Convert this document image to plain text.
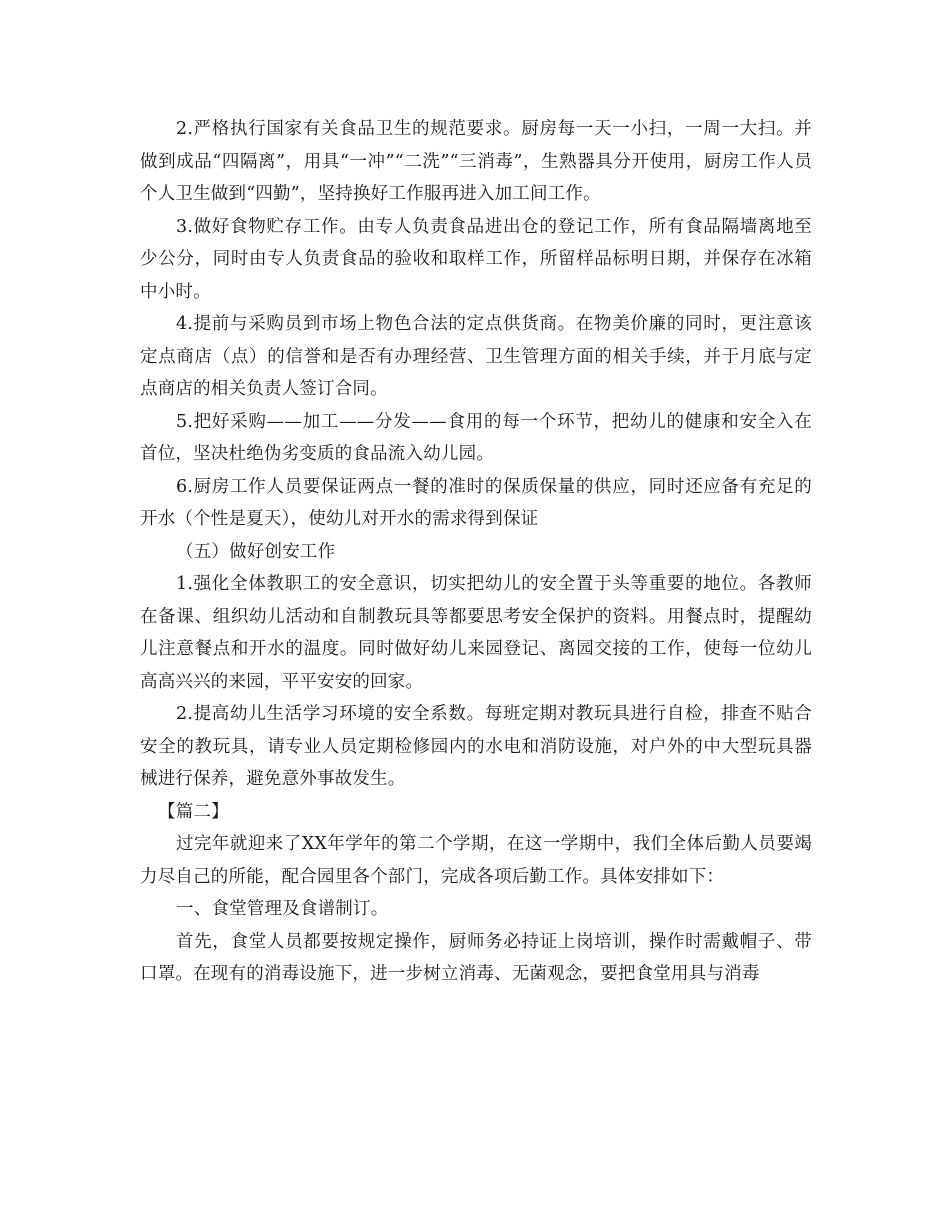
2.严格执行国家有关食品卫生的规范要求。厨房每一天一小扫，一周一大扫。并做到成品“四隔离”，用具“一冲”“二洗”“三消毒”，生熟器具分开使用，厨房工作人员个人卫生做到“四勤”，坚持换好工作服再进入加工间工作。

3.做好食物贮存工作。由专人负责食品进出仓的登记工作，所有食品隔墙离地至少公分，同时由专人负责食品的验收和取样工作，所留样品标明日期，并保存在冰箱中小时。

4.提前与采购员到市场上物色合法的定点供货商。在物美价廉的同时，更注意该定点商店（点）的信誉和是否有办理经营、卫生管理方面的相关手续，并于月底与定点商店的相关负责人签订合同。

5.把好采购——加工——分发——食用的每一个环节，把幼儿的健康和安全入在首位，坚决杜绝伪劣变质的食品流入幼儿园。

6.厨房工作人员要保证两点一餐的准时的保质保量的供应，同时还应备有充足的开水（个性是夏天），使幼儿对开水的需求得到保证

（五）做好创安工作

1.强化全体教职工的安全意识，切实把幼儿的安全置于头等重要的地位。各教师在备课、组织幼儿活动和自制教玩具等都要思考安全保护的资料。用餐点时，提醒幼儿注意餐点和开水的温度。同时做好幼儿来园登记、离园交接的工作，使每一位幼儿高高兴兴的来园，平平安安的回家。

2.提高幼儿生活学习环境的安全系数。每班定期对教玩具进行自检，排查不贴合安全的教玩具，请专业人员定期检修园内的水电和消防设施，对户外的中大型玩具器械进行保养，避免意外事故发生。

【篇二】

过完年就迎来了XX年学年的第二个学期，在这一学期中，我们全体后勤人员要竭力尽自己的所能，配合园里各个部门，完成各项后勤工作。具体安排如下：

一、食堂管理及食谱制订。

首先，食堂人员都要按规定操作，厨师务必持证上岗培训，操作时需戴帽子、带口罩。在现有的消毒设施下，进一步树立消毒、无菌观念，要把食堂用具与消毒
